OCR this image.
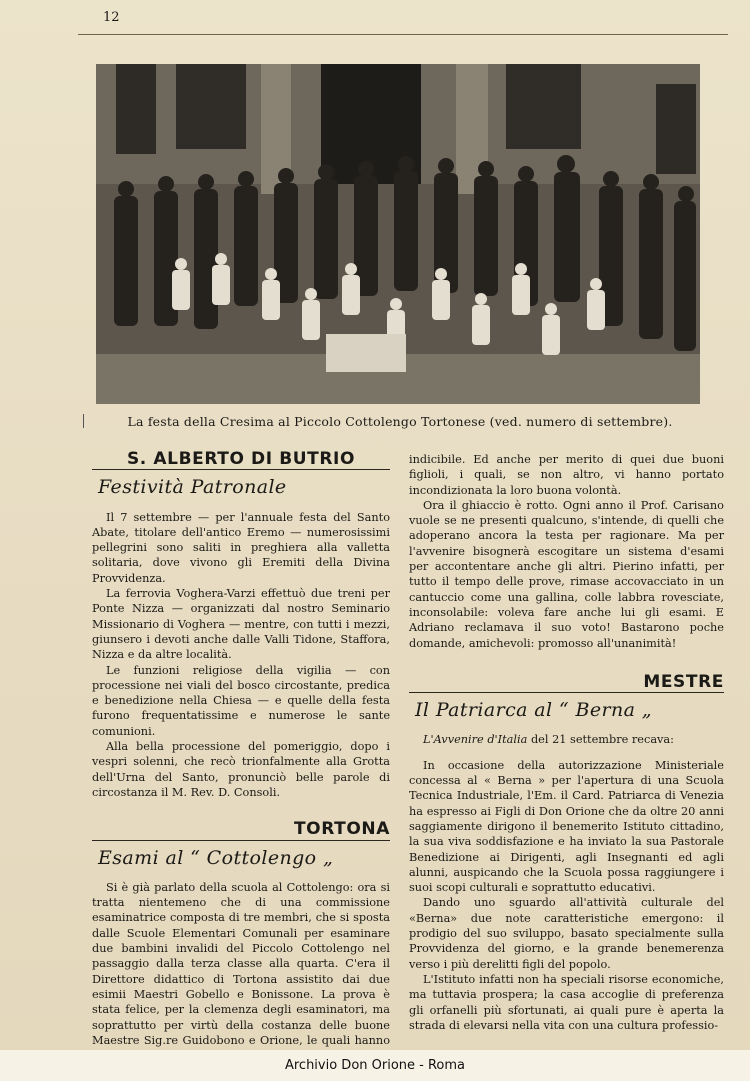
12
La festa della Cresima al Piccolo Cottolengo Tortonese (ved. numero di settembre).
S. ALBERTO DI BUTRIO
Festività Patronale

Il 7 settembre — per l'annuale festa del Santo Abate, titolare dell'antico Eremo — numerosissimi pellegrini sono saliti in preghiera alla valletta solitaria, dove vivono gli Eremiti della Divina Provvidenza.

La ferrovia Voghera-Varzi effettuò due treni per Ponte Nizza — organizzati dal nostro Seminario Missionario di Voghera — mentre, con tutti i mezzi, giunsero i devoti anche dalle Valli Tidone, Staffora, Nizza e da altre località.

Le funzioni religiose della vigilia — con processione nei viali del bosco circostante, predica e benedizione nella Chiesa — e quelle della festa furono frequentatissime e numerose le sante comunioni.

Alla bella processione del pomeriggio, dopo i vespri solenni, che recò trionfalmente alla Grotta dell'Urna del Santo, pronunciò belle parole di circostanza il M. Rev. D. Consoli.

TORTONA
Esami al “ Cottolengo „

Si è già parlato della scuola al Cottolengo: ora si tratta nientemeno che di una commissione esaminatrice composta di tre membri, che si sposta dalle Scuole Elementari Comunali per esaminare due bambini invalidi del Piccolo Cottolengo nel passaggio dalla terza classe alla quarta. C'era il Direttore didattico di Tortona assistito dai due esimii Maestri Gobello e Bonissone. La prova è stata felice, per la clemenza degli esaminatori, ma soprattutto per virtù della costanza delle buone Maestre Sig.re Guidobono e Orione, le quali hanno

indicibile. Ed anche per merito di quei due buoni figlioli, i quali, se non altro, vi hanno portato incondizionata la loro buona volontà.

Ora il ghiaccio è rotto. Ogni anno il Prof. Carisano vuole se ne presenti qualcuno, s'intende, di quelli che adoperano ancora la testa per ragionare. Ma per l'avvenire bisognerà escogitare un sistema d'esami per accontentare anche gli altri. Pierino infatti, per tutto il tempo delle prove, rimase accovacciato in un cantuccio come una gallina, colle labbra rovesciate, inconsolabile: voleva fare anche lui gli esami. E Adriano reclamava il suo voto! Bastarono poche domande, amichevoli: promosso all'unanimità!

MESTRE
Il Patriarca al “ Berna „

L'Avvenire d'Italia del 21 settembre recava:

In occasione della autorizzazione Ministeriale concessa al « Berna » per l'apertura di una Scuola Tecnica Industriale, l'Em. il Card. Patriarca di Venezia ha espresso ai Figli di Don Orione che da oltre 20 anni saggiamente dirigono il benemerito Istituto cittadino, la sua viva soddisfazione e ha inviato la sua Pastorale Benedizione ai Dirigenti, agli Insegnanti ed agli alunni, auspicando che la Scuola possa raggiungere i suoi scopi culturali e soprattutto educativi.

Dando uno sguardo all'attività culturale del «Berna» due note caratteristiche emergono: il prodigio del suo sviluppo, basato specialmente sulla Provvidenza del giorno, e la grande benemerenza verso i più derelitti figli del popolo.

L'Istituto infatti non ha speciali risorse economiche, ma tuttavia prospera; la casa accoglie di preferenza gli orfanelli più sfortunati, ai quali pure è aperta la strada di elevarsi nella vita con una cultura professio-

Archivio Don Orione - Roma
